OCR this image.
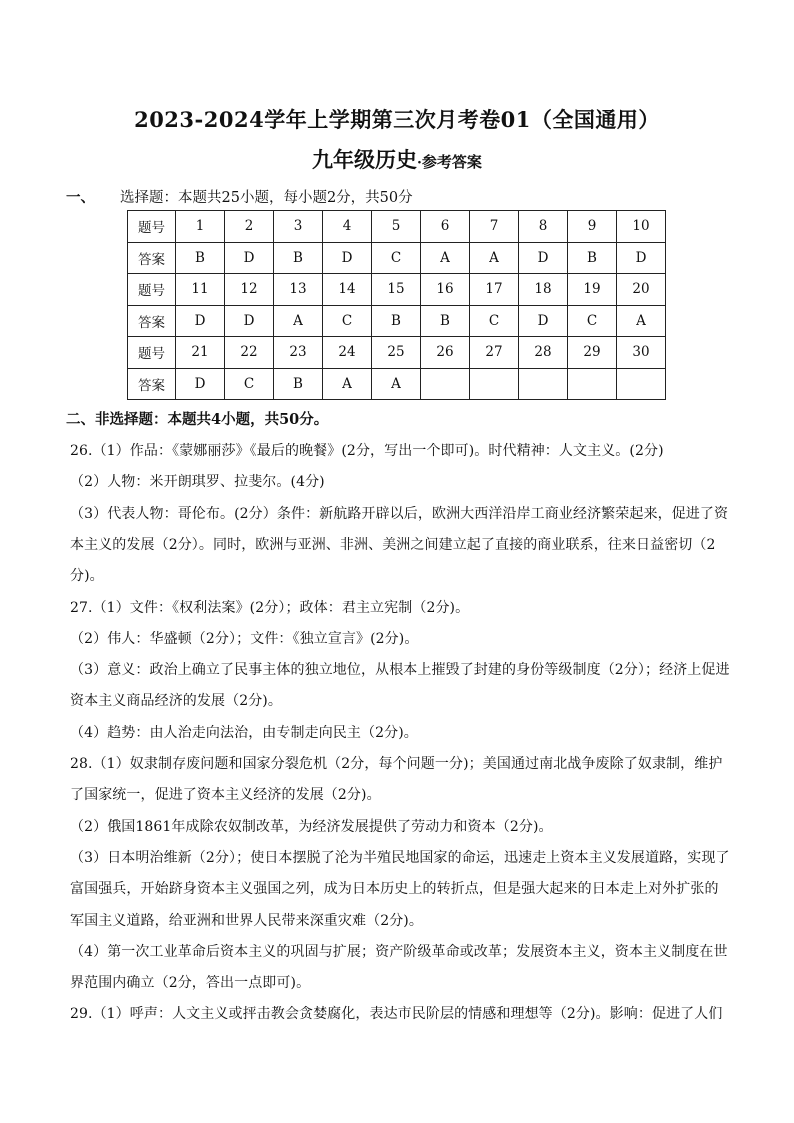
2023-2024学年上学期第三次月考卷01（全国通用）
九年级历史·参考答案
一、 选择题：本题共25小题，每小题2分，共50分
题号	1	2	3	4	5	6	7	8	9	10
答案	B	D	B	D	C	A	A	D	B	D
题号	11	12	13	14	15	16	17	18	19	20
答案	D	D	A	C	B	B	C	D	C	A
题号	21	22	23	24	25	26	27	28	29	30
答案	D	C	B	A	A					
二、非选择题：本题共4小题，共50分。
26.（1）作品：《蒙娜丽莎》《最后的晚餐》(2分，写出一个即可)。时代精神：人文主义。(2分)
（2）人物：米开朗琪罗、拉斐尔。(4分)
（3）代表人物：哥伦布。(2分）条件：新航路开辟以后，欧洲大西洋沿岸工商业经济繁荣起来，促进了资
本主义的发展（2分）。同时，欧洲与亚洲、非洲、美洲之间建立起了直接的商业联系，往来日益密切（2
分)。
27.（1）文件：《权利法案》(2分）；政体：君主立宪制（2分)。
（2）伟人：华盛顿（2分）；文件：《独立宣言》(2分)。
（3）意义：政治上确立了民事主体的独立地位，从根本上摧毁了封建的身份等级制度（2分）；经济上促进
资本主义商品经济的发展（2分)。
（4）趋势：由人治走向法治，由专制走向民主（2分)。
28.（1）奴隶制存废问题和国家分裂危机（2分，每个问题一分)；美国通过南北战争废除了奴隶制，维护
了国家统一，促进了资本主义经济的发展（2分)。
（2）俄国1861年成除农奴制改革，为经济发展提供了劳动力和资本（2分)。
（3）日本明治维新（2分）；使日本摆脱了沦为半殖民地国家的命运，迅速走上资本主义发展道路，实现了
富国强兵，开始跻身资本主义强国之列，成为日本历史上的转折点，但是强大起来的日本走上对外扩张的
军国主义道路，给亚洲和世界人民带来深重灾难（2分)。
（4）第一次工业革命后资本主义的巩固与扩展；资产阶级革命或改革；发展资本主义，资本主义制度在世
界范围内确立（2分，答出一点即可)。
29.（1）呼声：人文主义或抨击教会贪婪腐化，表达市民阶层的情感和理想等（2分)。影响：促进了人们
